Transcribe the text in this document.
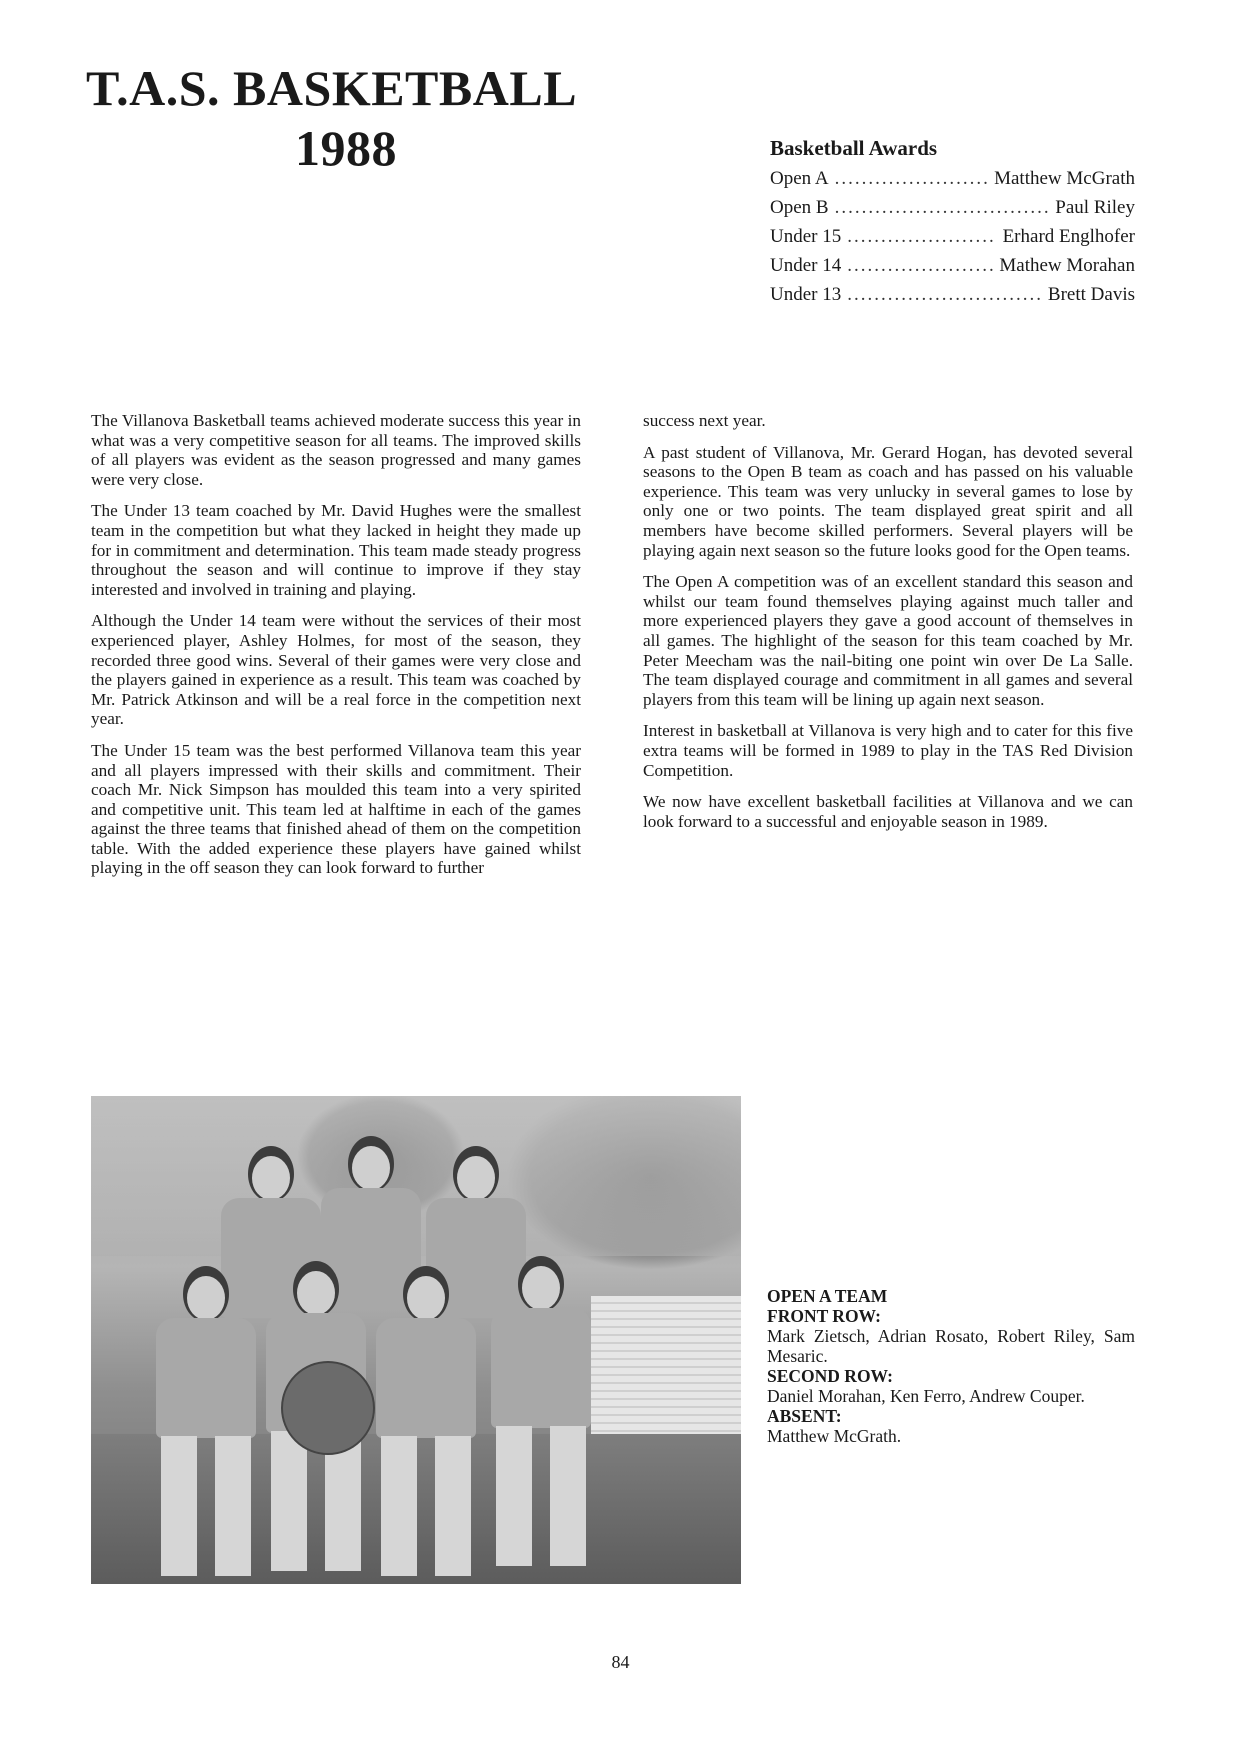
T.A.S. BASKETBALL
1988	Basketball Awards
Open A .....	Matthew McGrath
Open B .....	Paul Riley
Under 15 .....	Erhard Englhofer
Under 14 .....	Mathew Morahan
Under 13 .....	Brett Davis

The Villanova Basketball teams achieved moderate success this year in what was a very competitive season for all teams. The improved skills of all players was evident as the season progressed and many games were very close.

The Under 13 team coached by Mr. David Hughes were the smallest team in the competition but what they lacked in height they made up for in commitment and determination. This team made steady progress throughout the season and will continue to improve if they stay interested and involved in training and playing.

Although the Under 14 team were without the services of their most experienced player, Ashley Holmes, for most of the season, they recorded three good wins. Several of their games were very close and the players gained in experience as a result. This team was coached by Mr. Patrick Atkinson and will be a real force in the competition next year.

The Under 15 team was the best performed Villanova team this year and all players impressed with their skills and commitment. Their coach Mr. Nick Simpson has moulded this team into a very spirited and competitive unit. This team led at halftime in each of the games against the three teams that finished ahead of them on the competition table. With the added experience these players have gained whilst playing in the off season they can look forward to further

success next year.

A past student of Villanova, Mr. Gerard Hogan, has devoted several seasons to the Open B team as coach and has passed on his valuable experience. This team was very unlucky in several games to lose by only one or two points. The team displayed great spirit and all members have become skilled performers. Several players will be playing again next season so the future looks good for the Open teams.

The Open A competition was of an excellent standard this season and whilst our team found themselves playing against much taller and more experienced players they gave a good account of themselves in all games. The highlight of the season for this team coached by Mr. Peter Meecham was the nail-biting one point win over De La Salle. The team displayed courage and commitment in all games and several players from this team will be lining up again next season.

Interest in basketball at Villanova is very high and to cater for this five extra teams will be formed in 1989 to play in the TAS Red Division Competition.

We now have excellent basketball facilities at Villanova and we can look forward to a successful and enjoyable season in 1989.

OPEN A TEAM
FRONT ROW:
Mark Zietsch, Adrian Rosato, Robert Riley, Sam Mesaric.
SECOND ROW:
Daniel Morahan, Ken Ferro, Andrew Couper.
ABSENT:
Matthew McGrath.
84
